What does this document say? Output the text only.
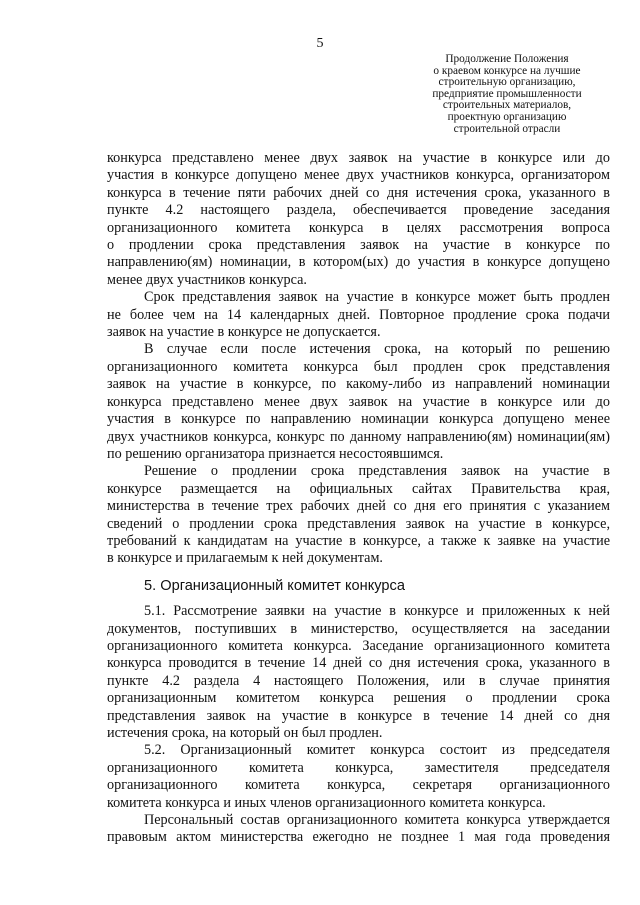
5
Продолжение Положения
о краевом конкурсе на лучшие
строительную организацию,
предприятие промышленности
строительных материалов,
проектную организацию
строительной отрасли
конкурса представлено менее двух заявок на участие в конкурсе или до
участия в конкурсе допущено менее двух участников конкурса, организатором
конкурса в течение пяти рабочих дней со дня истечения срока, указанного в
пункте 4.2 настоящего раздела, обеспечивается проведение заседания
организационного комитета конкурса в целях рассмотрения вопроса
о продлении срока представления заявок на участие в конкурсе по
направлению(ям) номинации, в котором(ых) до участия в конкурсе допущено
менее двух участников конкурса.
Срок представления заявок на участие в конкурсе может быть продлен
не более чем на 14 календарных дней. Повторное продление срока подачи
заявок на участие в конкурсе не допускается.
В случае если после истечения срока, на который по решению
организационного комитета конкурса был продлен срок представления
заявок на участие в конкурсе, по какому-либо из направлений номинации
конкурса представлено менее двух заявок на участие в конкурсе или до
участия в конкурсе по направлению номинации конкурса допущено менее
двух участников конкурса, конкурс по данному направлению(ям) номинации(ям)
по решению организатора признается несостоявшимся.
Решение о продлении срока представления заявок на участие в
конкурсе размещается на официальных сайтах Правительства края,
министерства в течение трех рабочих дней со дня его принятия с указанием
сведений о продлении срока представления заявок на участие в конкурсе,
требований к кандидатам на участие в конкурсе, а также к заявке на участие
в конкурсе и прилагаемым к ней документам.

5. Организационный комитет конкурса

5.1. Рассмотрение заявки на участие в конкурсе и приложенных к ней
документов, поступивших в министерство, осуществляется на заседании
организационного комитета конкурса. Заседание организационного комитета
конкурса проводится в течение 14 дней со дня истечения срока, указанного в
пункте 4.2 раздела 4 настоящего Положения, или в случае принятия
организационным комитетом конкурса решения о продлении срока
представления заявок на участие в конкурсе в течение 14 дней со дня
истечения срока, на который он был продлен.
5.2. Организационный комитет конкурса состоит из председателя
организационного комитета конкурса, заместителя председателя
организационного комитета конкурса, секретаря организационного
комитета конкурса и иных членов организационного комитета конкурса.
Персональный состав организационного комитета конкурса утверждается
правовым актом министерства ежегодно не позднее 1 мая года проведения
